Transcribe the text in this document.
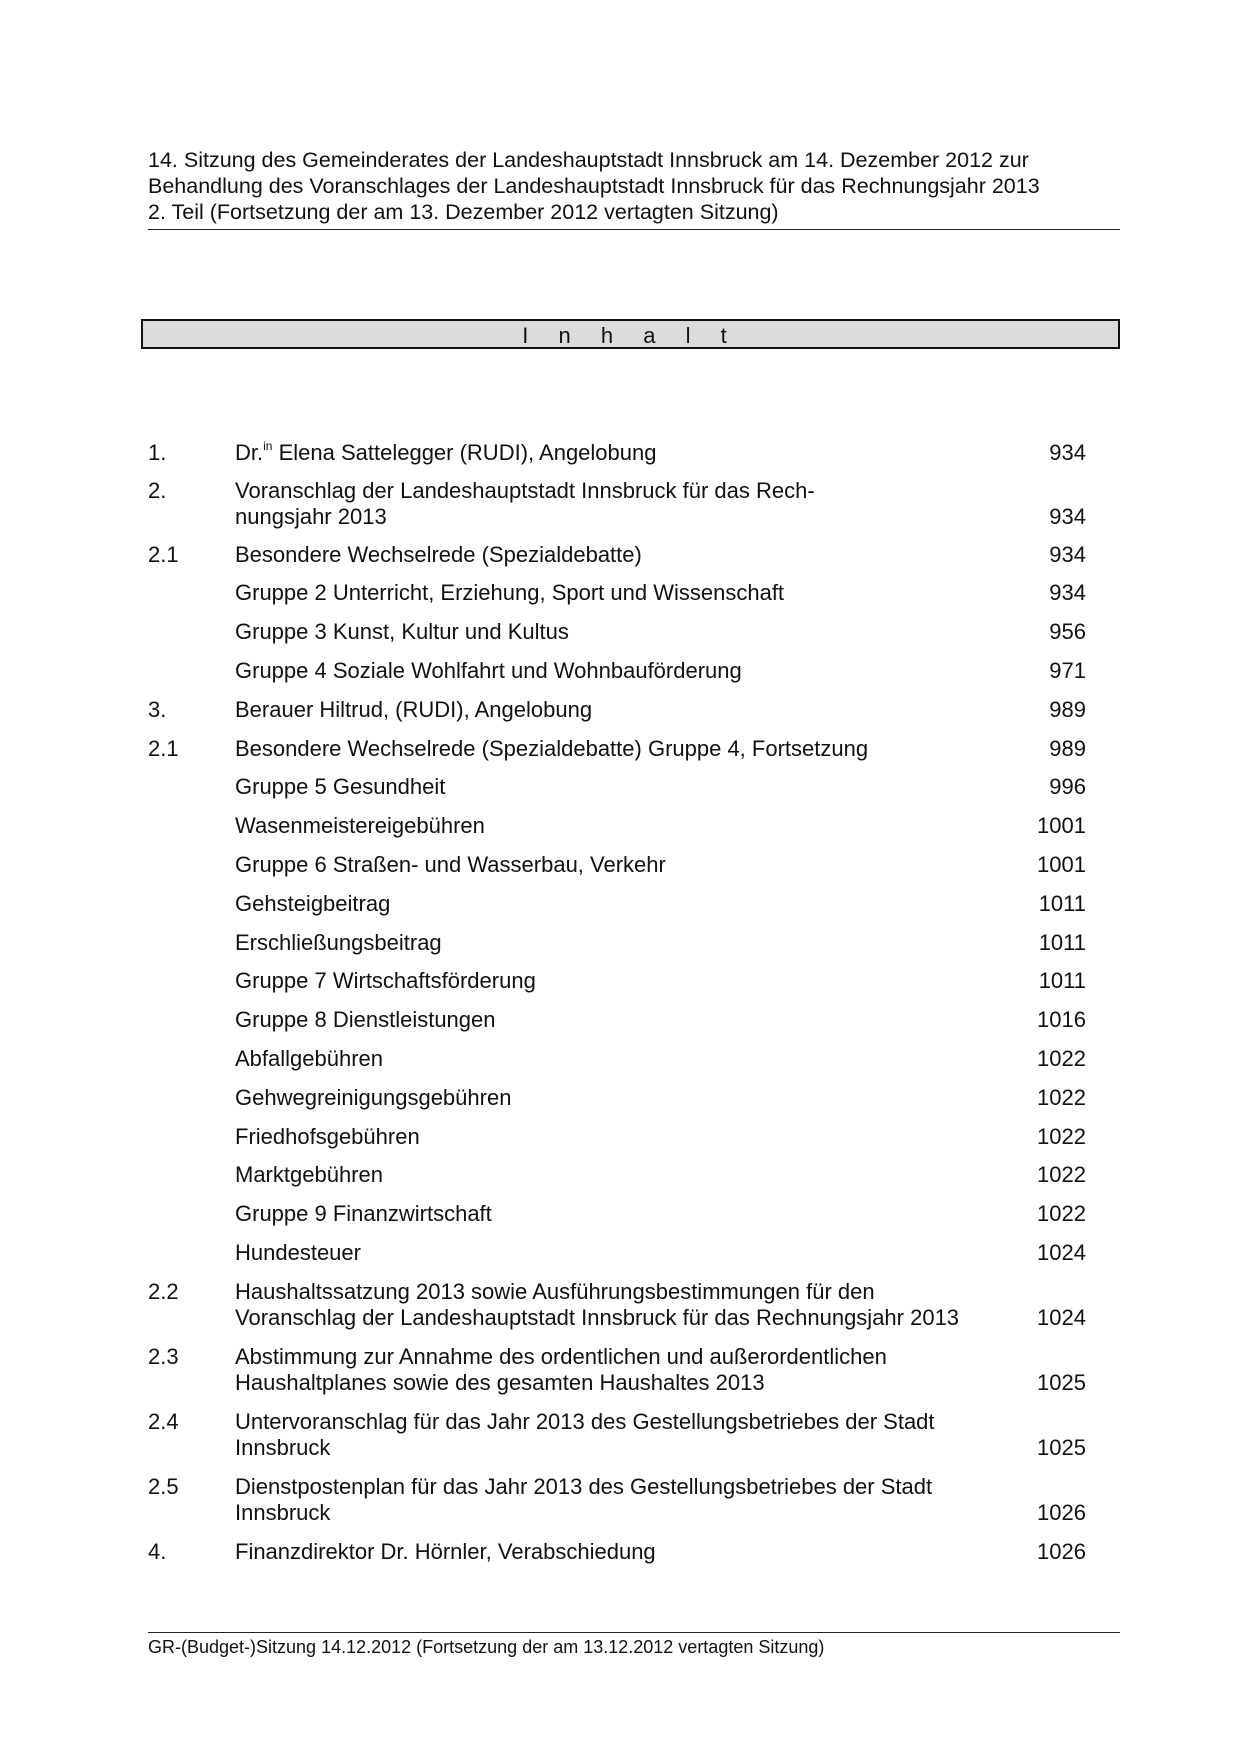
14. Sitzung des Gemeinderates der Landeshauptstadt Innsbruck am 14. Dezember 2012 zur
Behandlung des Voranschlages der Landeshauptstadt Innsbruck für das Rechnungsjahr 2013
2. Teil (Fortsetzung der am 13. Dezember 2012 vertagten Sitzung)
I n h a l t
1.	Dr.$^{in}$ Elena Sattelegger (RUDI), Angelobung	934
2.	Voranschlag der Landeshauptstadt Innsbruck für das Rech-
nungsjahr 2013	934
2.1	Besondere Wechselrede (Spezialdebatte)	934
Gruppe 2 Unterricht, Erziehung, Sport und Wissenschaft	934
Gruppe 3 Kunst, Kultur und Kultus	956
Gruppe 4 Soziale Wohlfahrt und Wohnbauförderung	971
3.	Berauer Hiltrud, (RUDI), Angelobung	989
2.1	Besondere Wechselrede (Spezialdebatte) Gruppe 4, Fortsetzung	989
Gruppe 5 Gesundheit	996
Wasenmeistereigebühren	1001
Gruppe 6 Straßen- und Wasserbau, Verkehr	1001
Gehsteigbeitrag	1011
Erschließungsbeitrag	1011
Gruppe 7 Wirtschaftsförderung	1011
Gruppe 8 Dienstleistungen	1016
Abfallgebühren	1022
Gehwegreinigungsgebühren	1022
Friedhofsgebühren	1022
Marktgebühren	1022
Gruppe 9 Finanzwirtschaft	1022
Hundesteuer	1024
2.2	Haushaltssatzung 2013 sowie Ausführungsbestimmungen für den
Voranschlag der Landeshauptstadt Innsbruck für das Rechnungsjahr 2013	1024
2.3	Abstimmung zur Annahme des ordentlichen und außerordentlichen
Haushaltplanes sowie des gesamten Haushaltes 2013	1025
2.4	Untervoranschlag für das Jahr 2013 des Gestellungsbetriebes der Stadt
Innsbruck	1025
2.5	Dienstpostenplan für das Jahr 2013 des Gestellungsbetriebes der Stadt
Innsbruck	1026
4.	Finanzdirektor Dr. Hörnler, Verabschiedung	1026
GR-(Budget-)Sitzung 14.12.2012 (Fortsetzung der am 13.12.2012 vertagten Sitzung)
